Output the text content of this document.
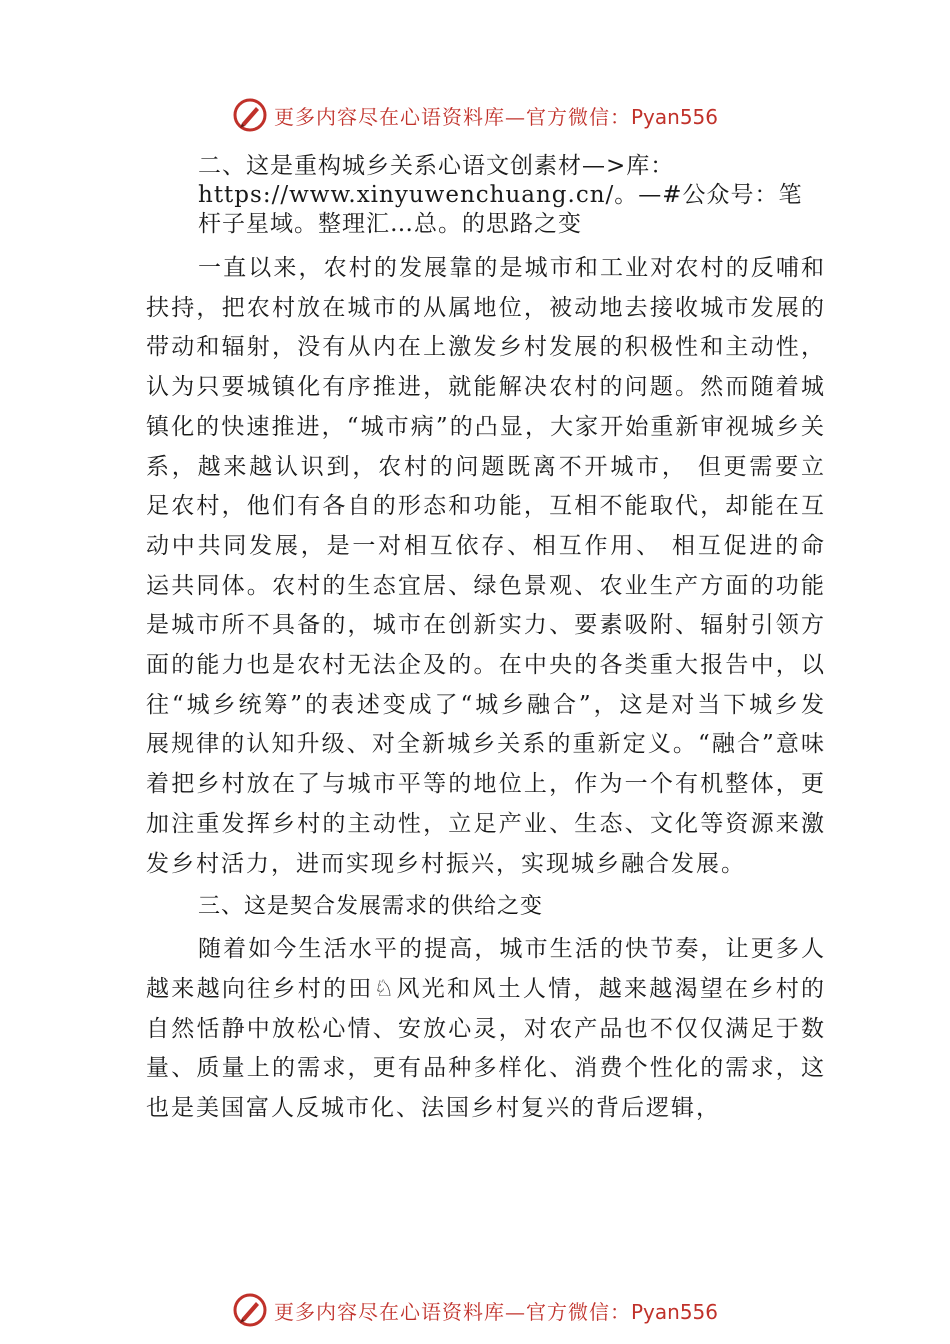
更多内容尽在心语资料库—官方微信：Pyan556

二、这是重构城乡关系心语文创素材—>库：https://www.xinyuwenchuang.cn/。—#公众号：笔杆子星域。整理汇…总。的思路之变

一直以来，农村的发展靠的是城市和工业对农村的反哺和扶持，把农村放在城市的从属地位，被动地去接收城市发展的带动和辐射，没有从内在上激发乡村发展的积极性和主动性，认为只要城镇化有序推进，就能解决农村的问题。然而随着城镇化的快速推进，“城市病”的凸显，大家开始重新审视城乡关系，越来越认识到，农村的问题既离不开城市， 但更需要立足农村，他们有各自的形态和功能，互相不能取代，却能在互动中共同发展，是一对相互依存、相互作用、 相互促进的命运共同体。农村的生态宜居、绿色景观、农业生产方面的功能是城市所不具备的，城市在创新实力、要素吸附、辐射引领方面的能力也是农村无法企及的。在中央的各类重大报告中，以往“城乡统筹”的表述变成了“城乡融合”，这是对当下城乡发展规律的认知升级、对全新城乡关系的重新定义。“融合”意味着把乡村放在了与城市平等的地位上，作为一个有机整体，更加注重发挥乡村的主动性，立足产业、生态、文化等资源来激发乡村活力，进而实现乡村振兴，实现城乡融合发展。

三、这是契合发展需求的供给之变

随着如今生活水平的提高，城市生活的快节奏，让更多人越来越向往乡村的田♘风光和风土人情，越来越渴望在乡村的自然恬静中放松心情、安放心灵，对农产品也不仅仅满足于数量、质量上的需求，更有品种多样化、消费个性化的需求，这也是美国富人反城市化、法国乡村复兴的背后逻辑，

更多内容尽在心语资料库—官方微信：Pyan556
